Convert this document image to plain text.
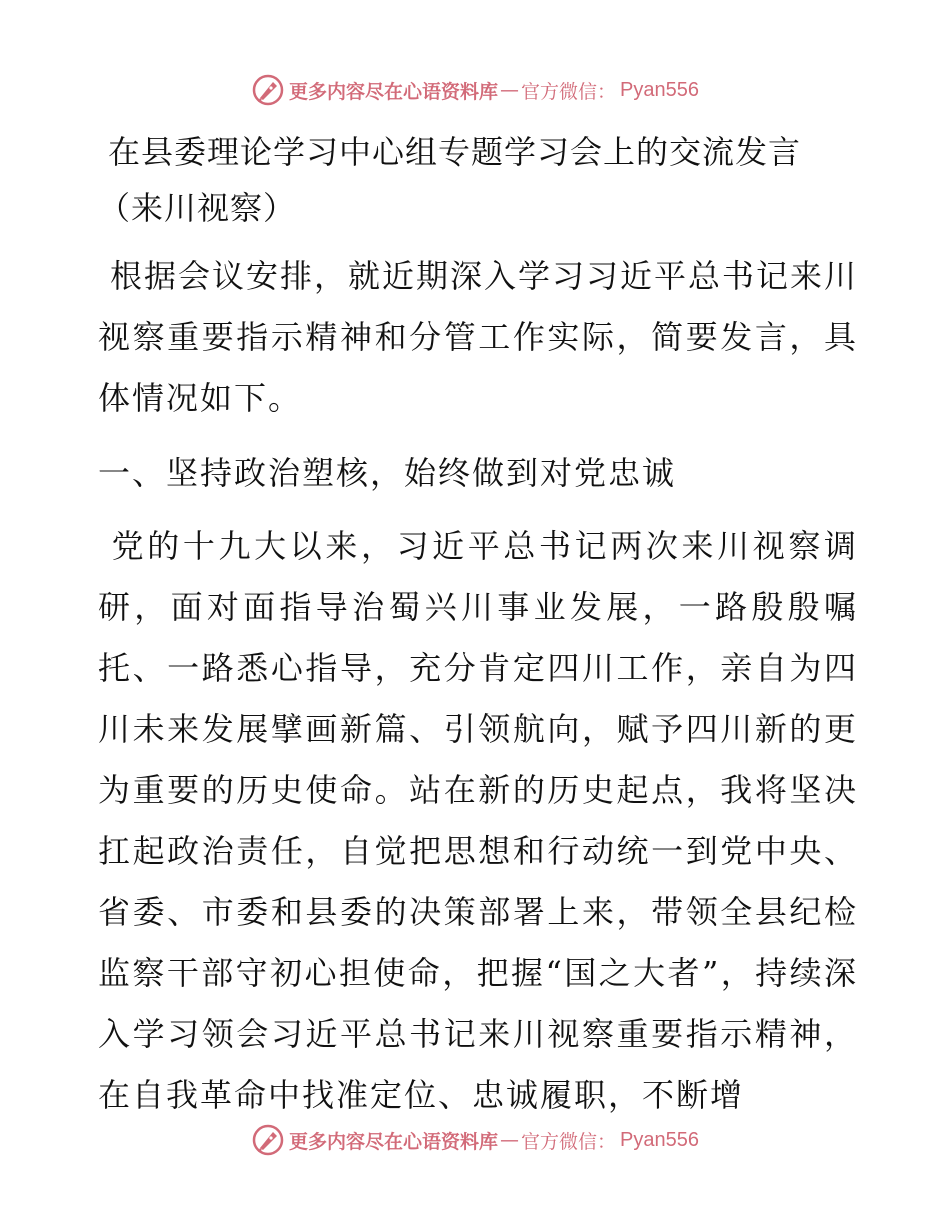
更多内容尽在心语资料库 — 官方微信： Pyan556
在县委理论学习中心组专题学习会上的交流发言
（来川视察）

根据会议安排，就近期深入学习习近平总书记来川视察重要指示精神和分管工作实际，简要发言，具体情况如下。

一、坚持政治塑核，始终做到对党忠诚

党的十九大以来，习近平总书记两次来川视察调研，面对面指导治蜀兴川事业发展，一路殷殷嘱托、一路悉心指导，充分肯定四川工作，亲自为四川未来发展擘画新篇、引领航向，赋予四川新的更为重要的历史使命。站在新的历史起点，我将坚决扛起政治责任，自觉把思想和行动统一到党中央、省委、市委和县委的决策部署上来，带领全县纪检监察干部守初心担使命，把握“国之大者”，持续深入学习领会习近平总书记来川视察重要指示精神，在自我革命中找准定位、忠诚履职，不断增

更多内容尽在心语资料库 — 官方微信： Pyan556
